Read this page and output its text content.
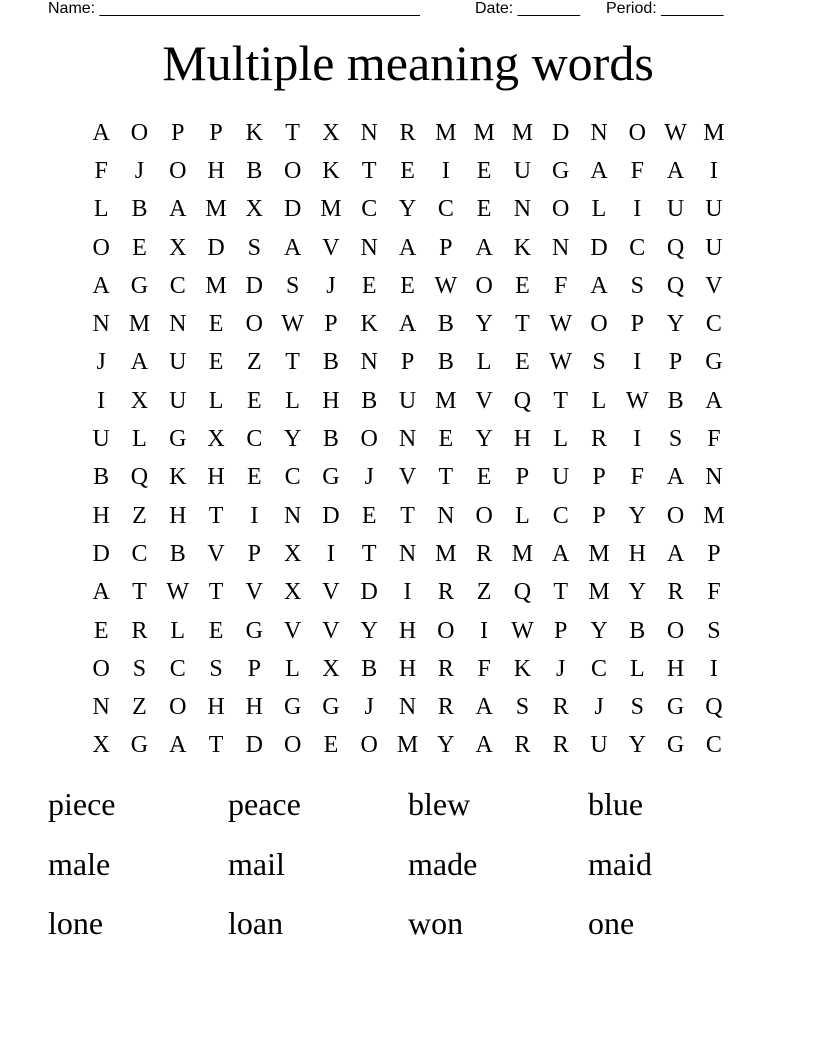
Name: ____________________________________	Date: _______ Period: _______
Multiple meaning words
A O P	P K T X N R M M M D N O W M
F	J	O H B O K T E	I	E U G A F A	I
L B A M X D M C Y C E N O L	I	U U
O E X D S A V N A P A K N D C Q U
A G C M D S	J	E E W O E	F A S Q V
N M N E O W P K A B Y T W O P Y C
J	A U E Z T B N P B L E W S	I	P G
I	X U L E L H B U M V Q T L W B A
U L G X C Y B O N E Y H L R	I	S	F
B Q K H E C G	J	V T E	P U P	F A N
H Z H T	I	N D E T N O L C P Y O M
D C B V P X	I	T N M R M A M H A P
A T W T V X V D	I	R Z Q T M Y R F
E R L E G V V Y H O	I W P Y B O S
O S C S	P	L X B H R F K	J	C L H	I
N Z O H H G G	J	N R A S R	J	S G Q
X G A T D O E O M Y A R R U Y G C
piece	peace	blew	blue
male	mail	made	maid
lone	loan	won	one
